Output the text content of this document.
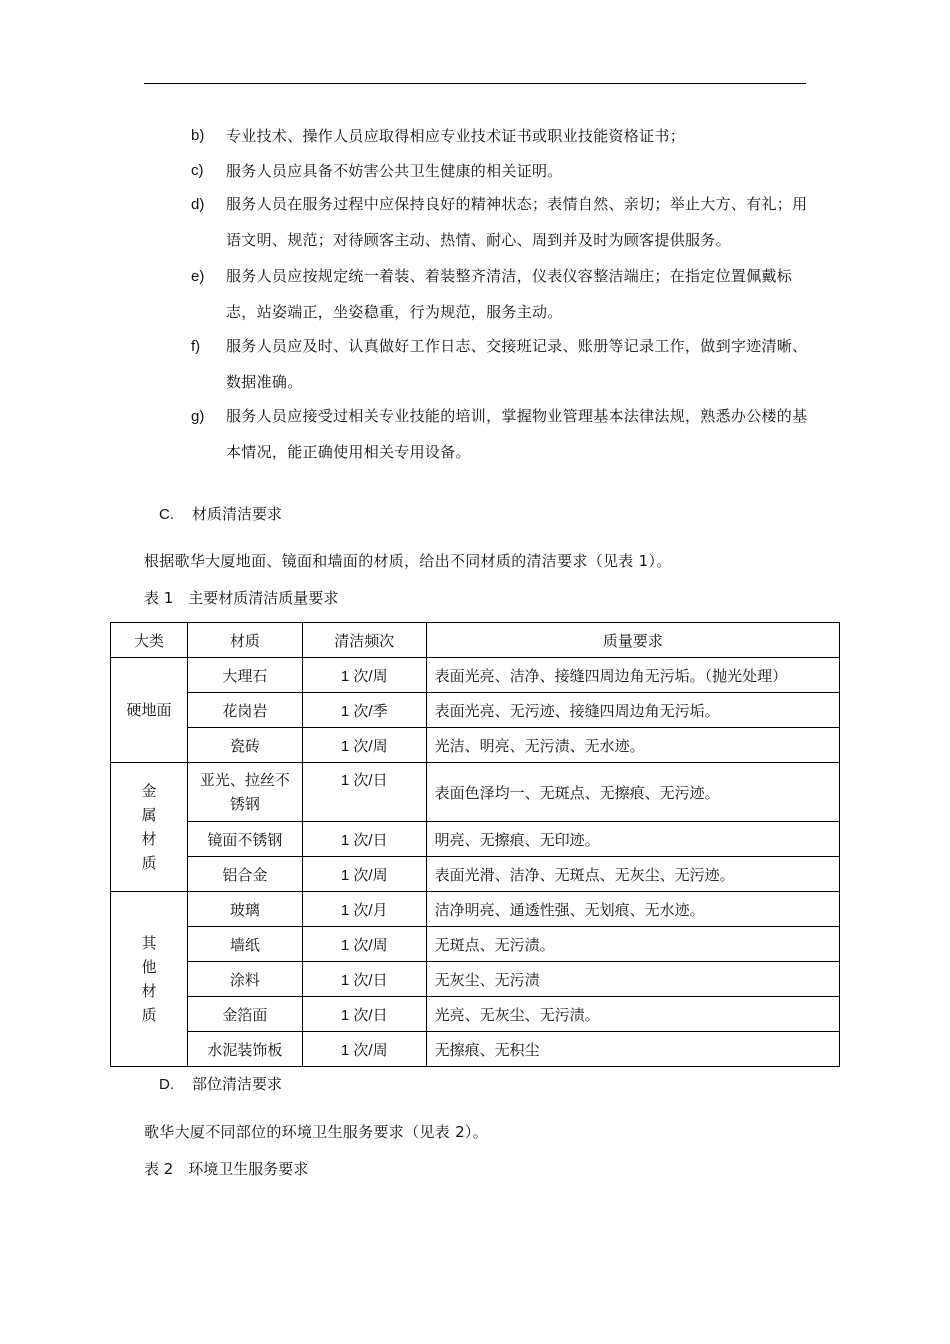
b) 专业技术、操作人员应取得相应专业技术证书或职业技能资格证书；
c) 服务人员应具备不妨害公共卫生健康的相关证明。
d) 服务人员在服务过程中应保持良好的精神状态；表情自然、亲切；举止大方、有礼；用语文明、规范；对待顾客主动、热情、耐心、周到并及时为顾客提供服务。
e) 服务人员应按规定统一着装、着装整齐清洁，仪表仪容整洁端庄；在指定位置佩戴标志，站姿端正，坐姿稳重，行为规范，服务主动。
f) 服务人员应及时、认真做好工作日志、交接班记录、账册等记录工作，做到字迹清晰、数据准确。
g) 服务人员应接受过相关专业技能的培训，掌握物业管理基本法律法规，熟悉办公楼的基本情况，能正确使用相关专用设备。
C. 材质清洁要求
根据歌华大厦地面、镜面和墙面的材质，给出不同材质的清洁要求（见表 1）。
表 1　主要材质清洁质量要求
大类	材质	清洁频次	质量要求
硬地面	大理石	1 次/周	表面光亮、洁净、接缝四周边角无污垢。（抛光处理）
	花岗岩	1 次/季	表面光亮、无污迹、接缝四周边角无污垢。
	瓷砖	1 次/周	光洁、明亮、无污渍、无水迹。
金属材质	亚光、拉丝不锈钢	1 次/日	表面色泽均一、无斑点、无擦痕、无污迹。
	镜面不锈钢	1 次/日	明亮、无擦痕、无印迹。
	铝合金	1 次/周	表面光滑、洁净、无斑点、无灰尘、无污迹。
其他材质	玻璃	1 次/月	洁净明亮、通透性强、无划痕、无水迹。
	墙纸	1 次/周	无斑点、无污渍。
	涂料	1 次/日	无灰尘、无污渍
	金箔面	1 次/日	光亮、无灰尘、无污渍。
	水泥装饰板	1 次/周	无擦痕、无积尘
D. 部位清洁要求
歌华大厦不同部位的环境卫生服务要求（见表 2）。
表 2　环境卫生服务要求
